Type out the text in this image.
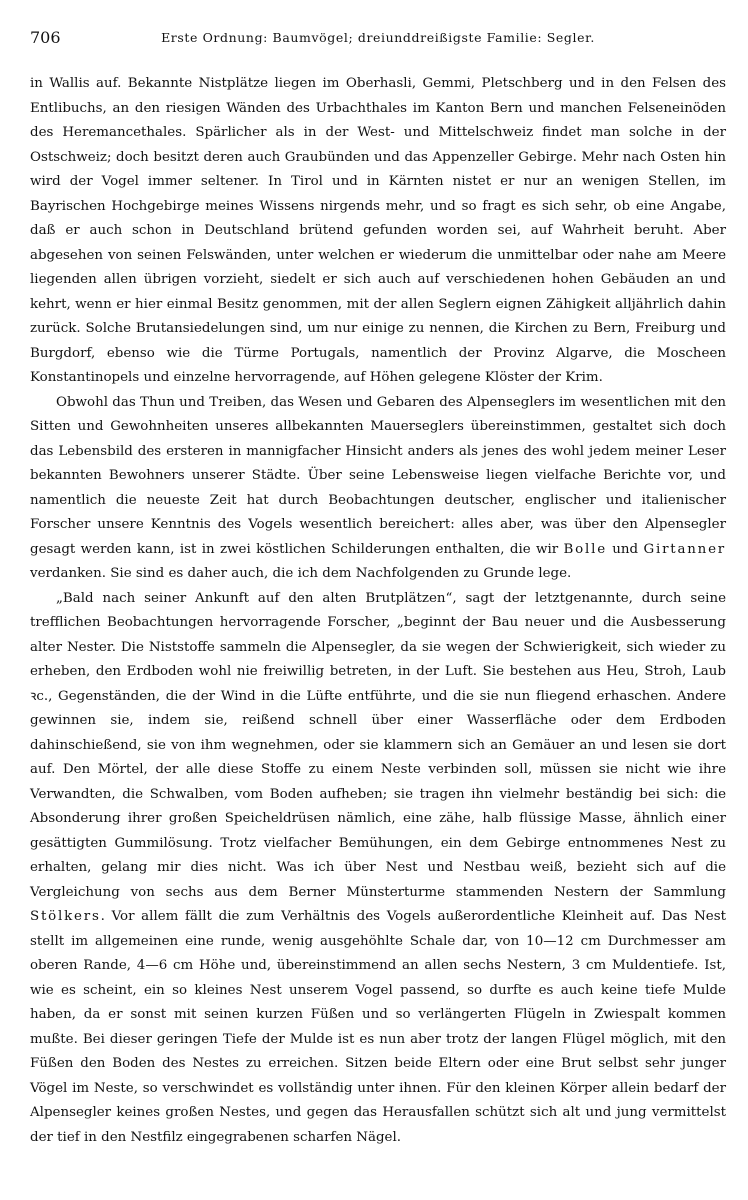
706	Erste Ordnung: Baumvögel; dreiunddreißigste Familie: Segler.

in Wallis auf. Bekannte Nistplätze liegen im Oberhasli, Gemmi, Pletschberg und in den Felsen des Entlibuchs, an den riesigen Wänden des Urbachthales im Kanton Bern und manchen Felseneinöden des Heremancethales. Spärlicher als in der West- und Mittelschweiz findet man solche in der Ostschweiz; doch besitzt deren auch Graubünden und das Appenzeller Gebirge. Mehr nach Osten hin wird der Vogel immer seltener. In Tirol und in Kärnten nistet er nur an wenigen Stellen, im Bayrischen Hochgebirge meines Wissens nirgends mehr, und so fragt es sich sehr, ob eine Angabe, daß er auch schon in Deutschland brütend gefunden worden sei, auf Wahrheit beruht. Aber abgesehen von seinen Felswänden, unter welchen er wiederum die unmittelbar oder nahe am Meere liegenden allen übrigen vorzieht, siedelt er sich auch auf verschiedenen hohen Gebäuden an und kehrt, wenn er hier einmal Besitz genommen, mit der allen Seglern eignen Zähigkeit alljährlich dahin zurück. Solche Brutansiedelungen sind, um nur einige zu nennen, die Kirchen zu Bern, Freiburg und Burgdorf, ebenso wie die Türme Portugals, namentlich der Provinz Algarve, die Moscheen Konstantinopels und einzelne hervorragende, auf Höhen gelegene Klöster der Krim.

Obwohl das Thun und Treiben, das Wesen und Gebaren des Alpenseglers im wesentlichen mit den Sitten und Gewohnheiten unseres allbekannten Mauerseglers übereinstimmen, gestaltet sich doch das Lebensbild des ersteren in mannigfacher Hinsicht anders als jenes des wohl jedem meiner Leser bekannten Bewohners unserer Städte. Über seine Lebensweise liegen vielfache Berichte vor, und namentlich die neueste Zeit hat durch Beobachtungen deutscher, englischer und italienischer Forscher unsere Kenntnis des Vogels wesentlich bereichert: alles aber, was über den Alpensegler gesagt werden kann, ist in zwei köstlichen Schilderungen enthalten, die wir Bolle und Girtanner verdanken. Sie sind es daher auch, die ich dem Nachfolgenden zu Grunde lege.

„Bald nach seiner Ankunft auf den alten Brutplätzen“, sagt der letztgenannte, durch seine trefflichen Beobachtungen hervorragende Forscher, „beginnt der Bau neuer und die Ausbesserung alter Nester. Die Niststoffe sammeln die Alpensegler, da sie wegen der Schwierigkeit, sich wieder zu erheben, den Erdboden wohl nie freiwillig betreten, in der Luft. Sie bestehen aus Heu, Stroh, Laub ꝛc., Gegenständen, die der Wind in die Lüfte entführte, und die sie nun fliegend erhaschen. Andere gewinnen sie, indem sie, reißend schnell über einer Wasserfläche oder dem Erdboden dahinschießend, sie von ihm wegnehmen, oder sie klammern sich an Gemäuer an und lesen sie dort auf. Den Mörtel, der alle diese Stoffe zu einem Neste verbinden soll, müssen sie nicht wie ihre Verwandten, die Schwalben, vom Boden aufheben; sie tragen ihn vielmehr beständig bei sich: die Absonderung ihrer großen Speicheldrüsen nämlich, eine zähe, halb flüssige Masse, ähnlich einer gesättigten Gummilösung. Trotz vielfacher Bemühungen, ein dem Gebirge entnommenes Nest zu erhalten, gelang mir dies nicht. Was ich über Nest und Nestbau weiß, bezieht sich auf die Vergleichung von sechs aus dem Berner Münsterturme stammenden Nestern der Sammlung Stölkers. Vor allem fällt die zum Verhältnis des Vogels außerordentliche Kleinheit auf. Das Nest stellt im allgemeinen eine runde, wenig ausgehöhlte Schale dar, von 10—12 cm Durchmesser am oberen Rande, 4—6 cm Höhe und, übereinstimmend an allen sechs Nestern, 3 cm Muldentiefe. Ist, wie es scheint, ein so kleines Nest unserem Vogel passend, so durfte es auch keine tiefe Mulde haben, da er sonst mit seinen kurzen Füßen und so verlängerten Flügeln in Zwiespalt kommen mußte. Bei dieser geringen Tiefe der Mulde ist es nun aber trotz der langen Flügel möglich, mit den Füßen den Boden des Nestes zu erreichen. Sitzen beide Eltern oder eine Brut selbst sehr junger Vögel im Neste, so verschwindet es vollständig unter ihnen. Für den kleinen Körper allein bedarf der Alpensegler keines großen Nestes, und gegen das Herausfallen schützt sich alt und jung vermittelst der tief in den Nestfilz eingegrabenen scharfen Nägel.
